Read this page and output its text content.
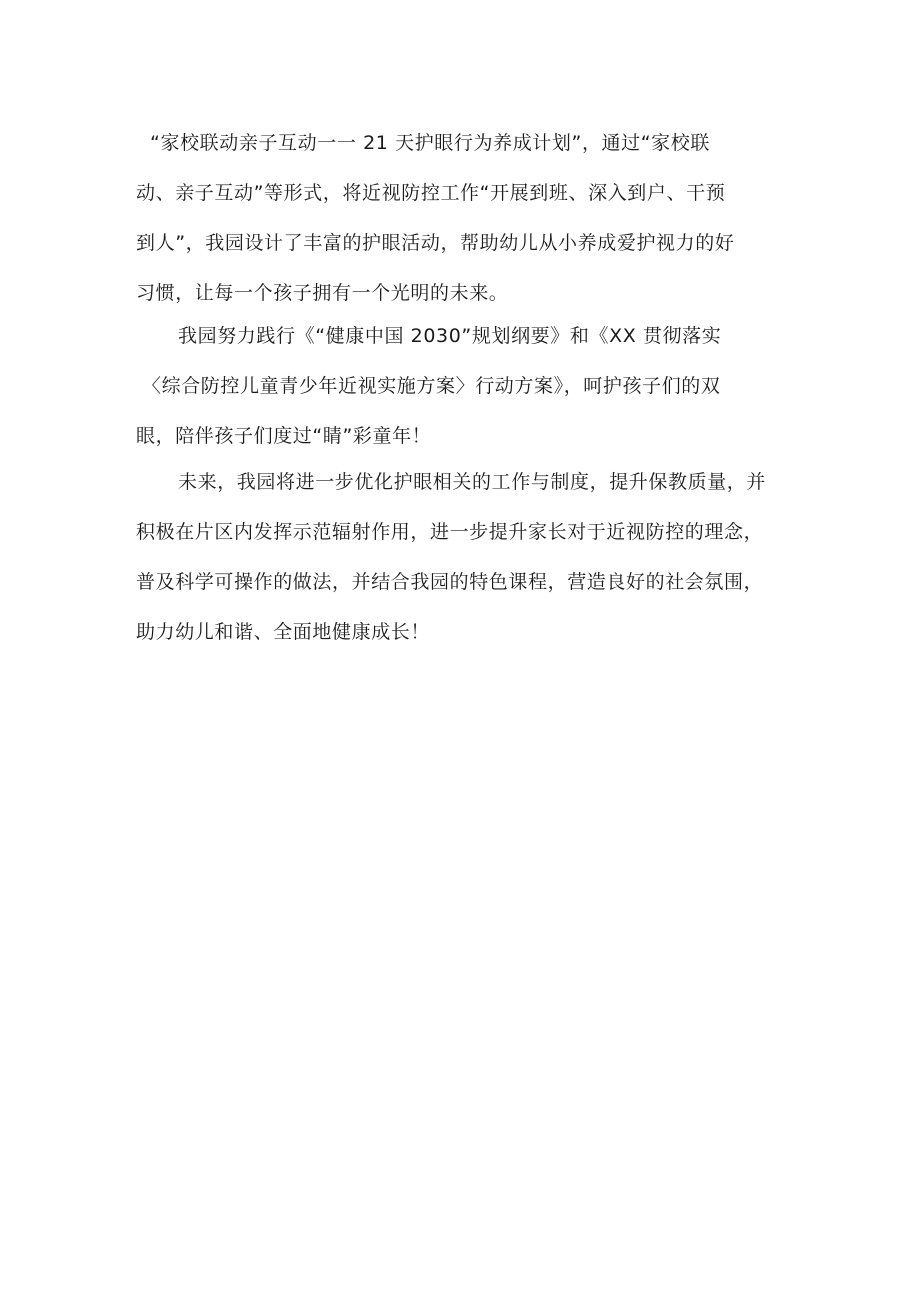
“家校联动亲子互动一一 21 天护眼行为养成计划”，通过“家校联
动、亲子互动”等形式，将近视防控工作“开展到班、深入到户、干预
到人”，我园设计了丰富的护眼活动，帮助幼儿从小养成爱护视力的好
习惯，让每一个孩子拥有一个光明的未来。
我园努力践行《“健康中国 2030”规划纲要》和《XX 贯彻落实
〈综合防控儿童青少年近视实施方案〉行动方案》，呵护孩子们的双
眼，陪伴孩子们度过“睛”彩童年！
未来，我园将进一步优化护眼相关的工作与制度，提升保教质量，并
积极在片区内发挥示范辐射作用，进一步提升家长对于近视防控的理念，
普及科学可操作的做法，并结合我园的特色课程，营造良好的社会氛围，
助力幼儿和谐、全面地健康成长！
